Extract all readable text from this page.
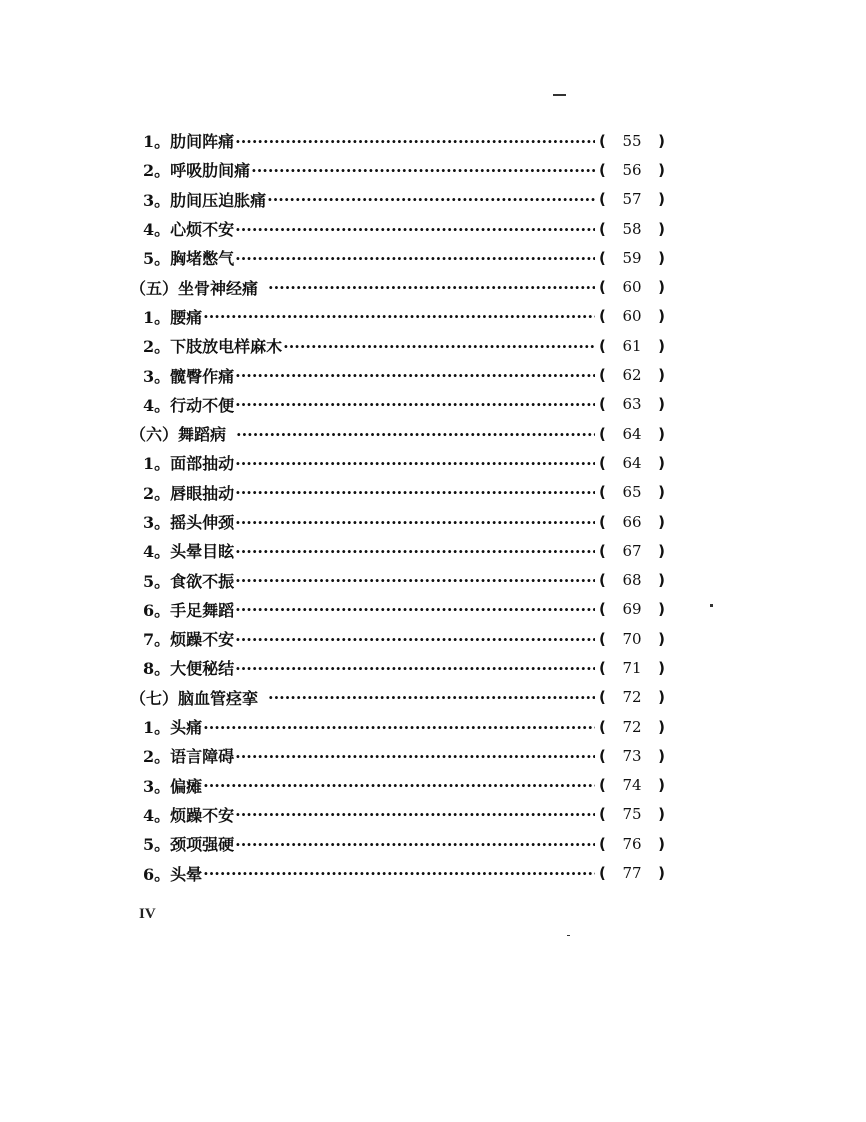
1。肋间阵痛 ·····	( 55 )
2。呼吸肋间痛 ·····	( 56 )
3。肋间压迫胀痛 ·····	( 57 )
4。心烦不安 ·····	( 58 )
5。胸堵憋气 ·····	( 59 )
（五）坐骨神经痛 ·····	( 60 )
1。腰痛 ·····	( 60 )
2。下肢放电样麻木 ·····	( 61 )
3。髋臀作痛 ·····	( 62 )
4。行动不便 ·····	( 63 )
（六）舞蹈病 ·····	( 64 )
1。面部抽动 ·····	( 64 )
2。唇眼抽动 ·····	( 65 )
3。摇头伸颈 ·····	( 66 )
4。头晕目眩 ·····	( 67 )
5。食欲不振 ·····	( 68 )
6。手足舞蹈 ·····	( 69 )
7。烦躁不安 ·····	( 70 )
8。大便秘结 ·····	( 71 )
（七）脑血管痉挛 ·····	( 72 )
1。头痛 ·····	( 72 )
2。语言障碍 ·····	( 73 )
3。偏瘫 ·····	( 74 )
4。烦躁不安 ·····	( 75 )
5。颈项强硬 ·····	( 76 )
6。头晕 ·····	( 77 )
IV
